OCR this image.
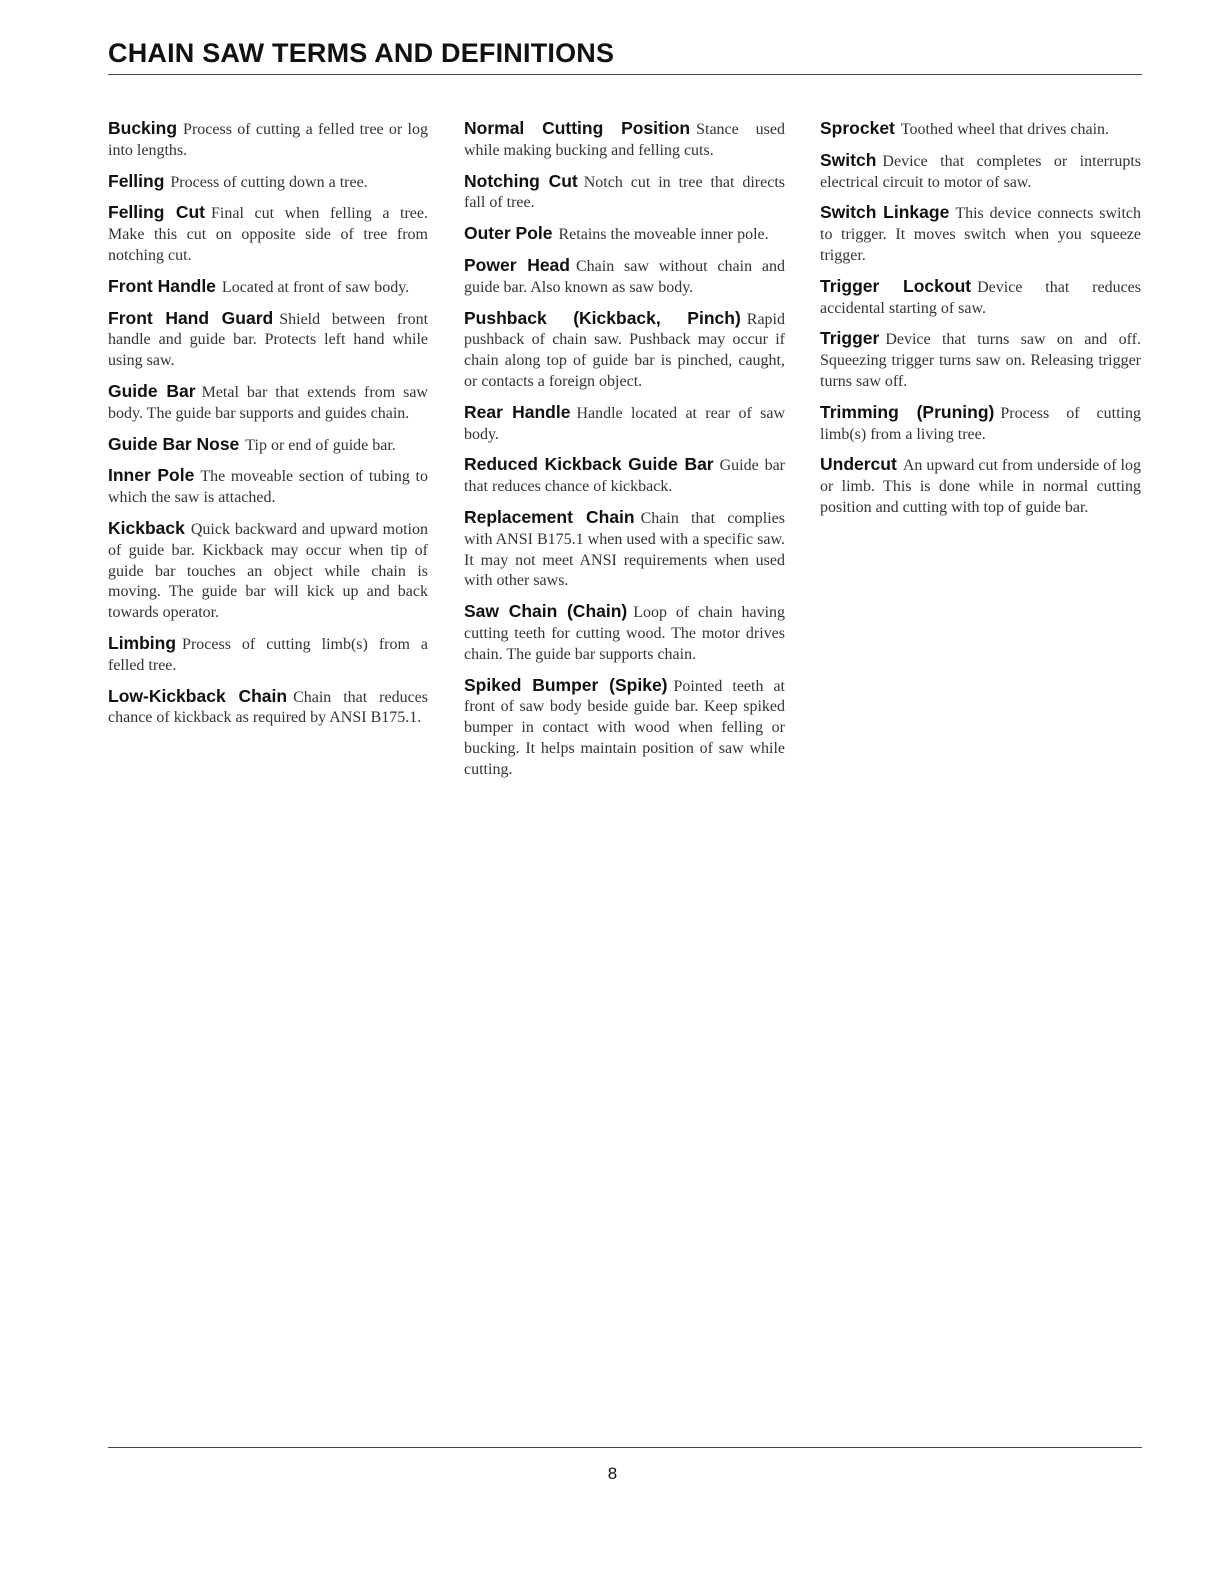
CHAIN SAW TERMS AND DEFINITIONS

Bucking Process of cutting a felled tree or log into lengths.

Felling Process of cutting down a tree.

Felling Cut Final cut when felling a tree. Make this cut on opposite side of tree from notching cut.

Front Handle Located at front of saw body.

Front Hand Guard Shield between front handle and guide bar. Protects left hand while using saw.

Guide Bar Metal bar that extends from saw body. The guide bar supports and guides chain.

Guide Bar Nose Tip or end of guide bar.

Inner Pole The moveable section of tubing to which the saw is attached.

Kickback Quick backward and upward motion of guide bar. Kickback may occur when tip of guide bar touches an object while chain is moving. The guide bar will kick up and back towards operator.

Limbing Process of cutting limb(s) from a felled tree.

Low-Kickback Chain Chain that reduces chance of kickback as required by ANSI B175.1.

Normal Cutting Position Stance used while making bucking and felling cuts.

Notching Cut Notch cut in tree that directs fall of tree.

Outer Pole Retains the moveable inner pole.

Power Head Chain saw without chain and guide bar. Also known as saw body.

Pushback (Kickback, Pinch) Rapid pushback of chain saw. Pushback may occur if chain along top of guide bar is pinched, caught, or contacts a foreign object.

Rear Handle Handle located at rear of saw body.

Reduced Kickback Guide Bar Guide bar that reduces chance of kickback.

Replacement Chain Chain that complies with ANSI B175.1 when used with a specific saw. It may not meet ANSI requirements when used with other saws.

Saw Chain (Chain) Loop of chain having cutting teeth for cutting wood. The motor drives chain. The guide bar supports chain.

Spiked Bumper (Spike) Pointed teeth at front of saw body beside guide bar. Keep spiked bumper in contact with wood when felling or bucking. It helps maintain position of saw while cutting.

Sprocket Toothed wheel that drives chain.

Switch Device that completes or interrupts electrical circuit to motor of saw.

Switch Linkage This device connects switch to trigger. It moves switch when you squeeze trigger.

Trigger Lockout Device that reduces accidental starting of saw.

Trigger Device that turns saw on and off. Squeezing trigger turns saw on. Releasing trigger turns saw off.

Trimming (Pruning) Process of cutting limb(s) from a living tree.

Undercut An upward cut from underside of log or limb. This is done while in normal cutting position and cutting with top of guide bar.

8
